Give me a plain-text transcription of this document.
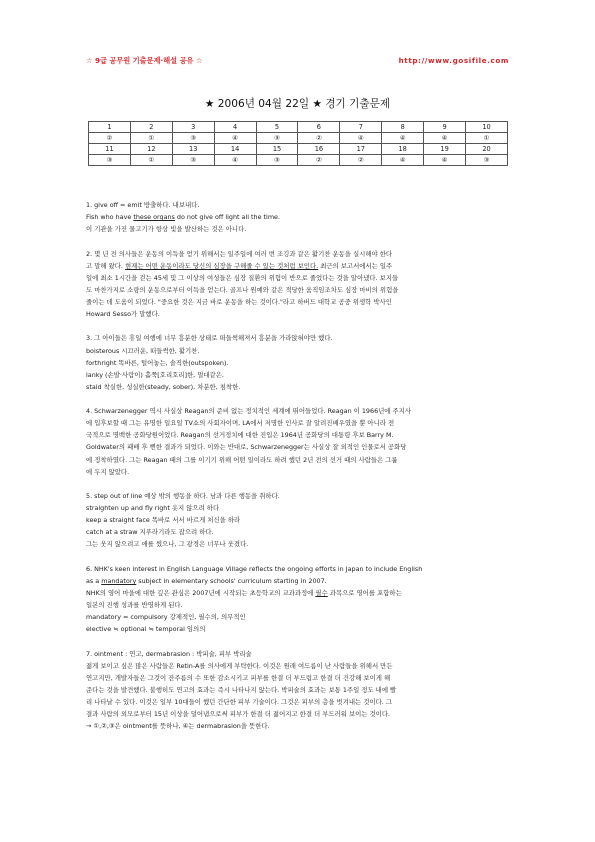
☆ 9급 공무원 기출문제·해설 공유 ☆	http://www.gosifile.com
★ 2006년 04월 22일 ★ 경기 기출문제
1	2	3	4	5	6	7	8	9	10
②	①	③	④	③	②	④	④	④	①
11	12	13	14	15	16	17	18	19	20
③	①	③	④	③	②	②	④	④	③

1. give off = emit 방출하다. 내보내다.

Fish who have these organs do not give off light all the time.

이 기관을 가진 물고기가 항상 빛을 발산하는 것은 아니다.

2. 몇 년 전 의사들은 운동의 이득을 얻기 위해서는 일주일에 여러 번 조깅과 같은 활기찬 운동을 실시해야 한다

고 말해 왔다. 현재는 어떤 운동이라도 당신의 심장을 구해줄 수 있는 것처럼 보인다. 최근의 보고서에서는 일주

일에 최소 1시간을 걷는 45세 및 그 이상의 여성들은 심장 질환의 위험이 반으로 줄었다는 것을 알아냈다. 보지들

도 마찬가지로 소량의 운동으로부터 이득을 얻는다. 골프나 원예와 같은 적당한 움직임조차도 심장 마비의 위험을

줄이는 데 도움이 되었다. "중요한 것은 지금 바로 운동을 하는 것이다."라고 하버드 대학교 공중 위생학 박사인

Howard Sesso가 말했다.

3. 그 아이들은 휴일 여행에 너무 흥분한 상태로 떠들썩해져서 흥분을 가라앉혀야만 했다.

boisterous 시끄러운, 떠들썩한, 활기찬.

forthright 똑바른, 털어놓는, 솔직한(outspoken).

lanky (손발·사람이) 홀쭉[호리호리]한, 멀대같은.

staid 착실한, 성실한(steady, sober), 차분한, 침착한.

4. Schwarzenegger 역시 사실상 Reagan의 준비 없는 정치적인 세계에 뛰어들었다. Reagan 이 1966년에 주지사

에 입후보할 때 그는 유명한 일요일 TV쇼의 사회자이며, LA에서 저명한 인사로 잘 알려진배우였을 뿐 아니라 전

국적으로 명백한 공화당원이었다. Reagan의 선거정치에 대한 진입은 1964년 공화당의 대통령 후보 Barry M.

Goldwater의 패배 후 뻔한 결과가 되었다. 이와는 반대로, Schwarzenegger는 사실상 잘 외적인 인물로서 공화당

에 정착하였다. 그는 Reagan 때의 그를 이기기 위해 어떤 일이라도 하려 했던 2년 전의 선거 때의 사람들은 그룹

에 두지 않았다.

5. step out of line 예상 밖의 행동을 하다. 남과 다른 행동을 취하다.

straighten up and fly right 옷지 않으려 하다

keep a straight face 똑바로 서서 바르게 처신을 하라

catch at a straw 지푸라기라도 잡으려 하다.

그는 웃지 않으려고 애를 썼으나, 그 광경은 너무나 웃겼다.

6. NHK's keen interest in English Language Village reflects the ongoing efforts in Japan to include English

as a mandatory subject in elementary schools' curriculum starting in 2007.

NHK의 영어 마을에 대한 깊은 관심은 2007년에 시작되는 초등학교의 교과과정에 필수 과목으로 영어를 포함하는

일본의 진행 성과를 반영하게 된다.

mandatory = compulsory 강제적인, 필수의, 의무적인

elective ≒ optional ≒ temporal 임의의

7. ointment : 연고, dermabrasion : 박피술, 피부 박리술

젊게 보이고 싶은 많은 사람들은 Retin-A를 의사에게 부탁한다. 이것은 원래 여드름이 난 사람들을 위해서 만든

연고지만, 개발자들은 그것이 잔주름의 수 또한 감소시키고 피부를 한결 더 부드럽고 한결 더 건강해 보이게 해

준다는 것을 발견했다. 불행히도 연고의 효과는 즉시 나타나지 않는다. 박피술의 효과는 보통 1주일 정도 내에 빨

리 나타날 수 있다. 이것은 일부 10대들이 했던 간단한 피부 기술이다. 그것은 피부의 층을 벗겨내는 것이다. 그

결과 사람의 외모로부터 15년 이상을 덜어냄으로써 피부가 한결 더 젊어지고 한결 더 부드러워 보이는 것이다.

→ ①,②,③은 ointment를 뜻하나, ④는 dermabrasion을 뜻한다.
